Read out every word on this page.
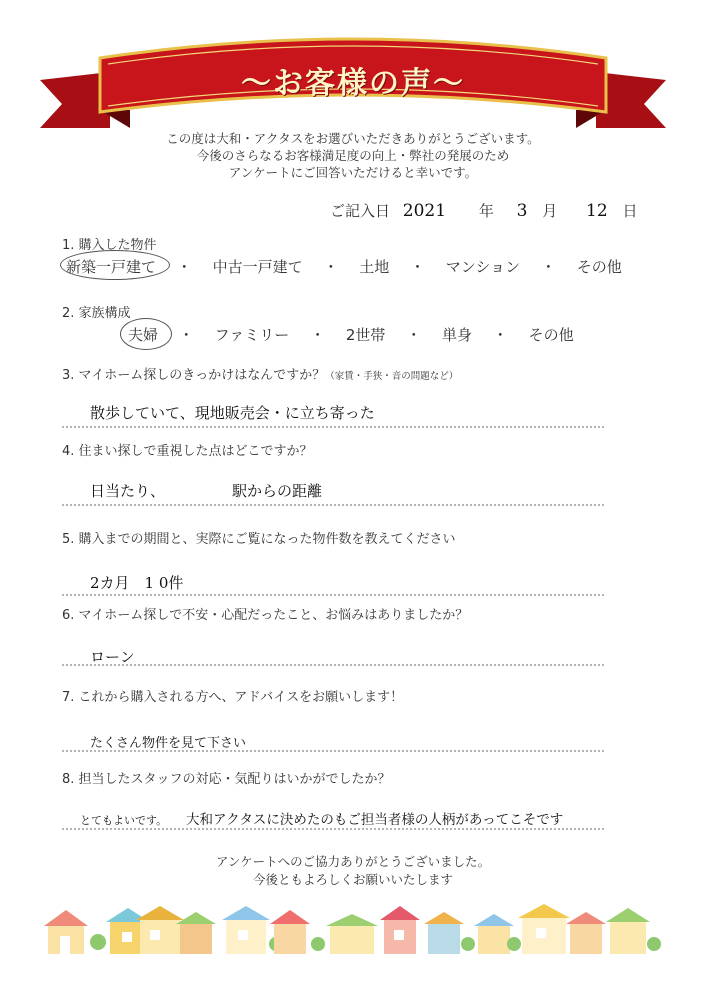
〜お客様の声〜
この度は大和・アクタスをお選びいただきありがとうございます。
今後のさらなるお客様満足度の向上・弊社の発展のため
アンケートにご回答いただけると幸いです。
ご記入日 2021 年 3 月 12 日
1. 購入した物件
新築一戸建て ・ 中古一戸建て ・ 土地 ・ マンション ・ その他
2. 家族構成
夫婦 ・ ファミリー ・ 2世帯 ・ 単身 ・ その他
3. マイホーム探しのきっかけはなんですか？（家賃・手狭・音の問題など）
散歩していて、現地販売会・に立ち寄った
4. 住まい探しで重視した点はどこですか？
日当たり、	駅からの距離
5. 購入までの期間と、実際にご覧になった物件数を教えてください
2カ月　1 0件
6. マイホーム探しで不安・心配だったこと、お悩みはありましたか？
ローン
7. これから購入される方へ、アドバイスをお願いします！
たくさん物件を見て下さい
8. 担当したスタッフの対応・気配りはいかがでしたか？
とてもよいです。 大和アクタスに決めたのもご担当者様の人柄があってこそです
アンケートへのご協力ありがとうございました。
今後ともよろしくお願いいたします
